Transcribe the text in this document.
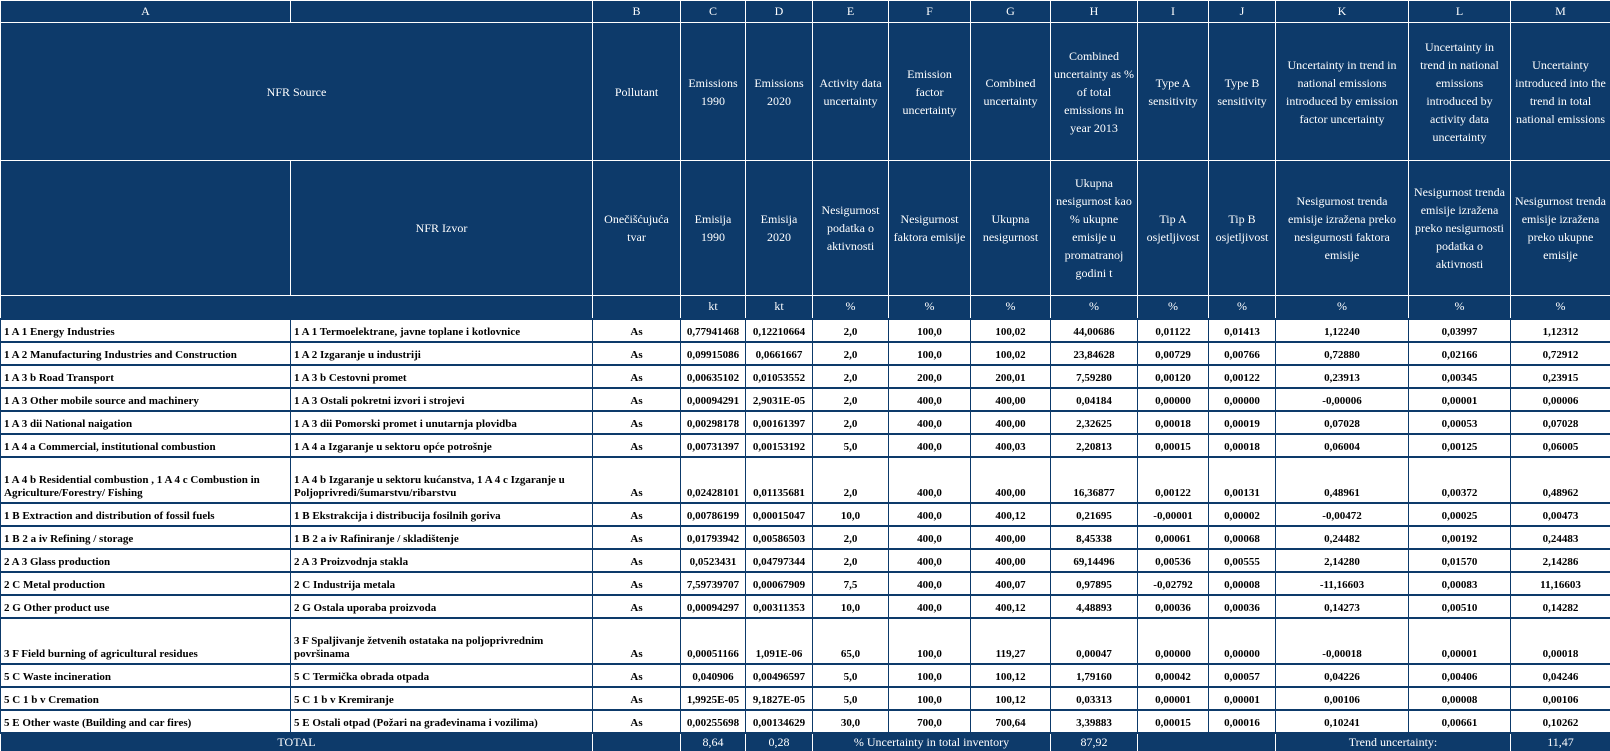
A		B	C	D	E	F	G	H	I	J	K	L	M
NFR Source		Pollutant	Emissions 1990	Emissions 2020	Activity data uncertainty	Emission factor uncertainty	Combined uncertainty	Combined uncertainty as % of total emissions in year 2013	Type A sensitivity	Type B sensitivity	Uncertainty in trend in national emissions introduced by emission factor uncertainty	Uncertainty in trend in national emissions introduced by activity data uncertainty	Uncertainty introduced into the trend in total national emissions
	NFR Izvor	Onečišćujuća tvar	Emisija 1990	Emisija 2020	Nesigurnost podatka o aktivnosti	Nesigurnost faktora emisije	Ukupna nesigurnost	Ukupna nesigurnost kao % ukupne emisije u promatranoj godini t	Tip A osjetljivost	Tip B osjetljivost	Nesigurnost trenda emisije izražena preko nesigurnosti faktora emisije	Nesigurnost trenda emisije izražena preko nesigurnosti podatka o aktivnosti	Nesigurnost trenda emisije izražena preko ukupne emisije
			kt	kt	%	%	%	%	%	%	%	%	%
1 A 1 Energy Industries	1 A 1 Termoelektrane, javne toplane i kotlovnice	As	0,77941468	0,12210664	2,0	100,0	100,02	44,00686	0,01122	0,01413	1,12240	0,03997	1,12312
1 A 2 Manufacturing Industries and Construction	1 A 2 Izgaranje u industriji	As	0,09915086	0,0661667	2,0	100,0	100,02	23,84628	0,00729	0,00766	0,72880	0,02166	0,72912
1 A 3 b Road Transport	1 A 3 b Cestovni promet	As	0,00635102	0,01053552	2,0	200,0	200,01	7,59280	0,00120	0,00122	0,23913	0,00345	0,23915
1 A 3 Other mobile source and machinery	1 A 3 Ostali pokretni izvori i strojevi	As	0,00094291	2,9031E-05	2,0	400,0	400,00	0,04184	0,00000	0,00000	-0,00006	0,00001	0,00006
1 A 3 dii National naigation	1 A 3 dii Pomorski promet i unutarnja plovidba	As	0,00298178	0,00161397	2,0	400,0	400,00	2,32625	0,00018	0,00019	0,07028	0,00053	0,07028
1 A 4 a Commercial, institutional combustion	1 A 4 a Izgaranje u sektoru opće potrošnje	As	0,00731397	0,00153192	5,0	400,0	400,03	2,20813	0,00015	0,00018	0,06004	0,00125	0,06005
1 A 4 b Residential combustion , 1 A 4 c Combustion in Agriculture/Forestry/ Fishing	1 A 4 b Izgaranje u sektoru kućanstva, 1 A 4 c Izgaranje u Poljoprivredi/šumarstvu/ribarstvu	As	0,02428101	0,01135681	2,0	400,0	400,00	16,36877	0,00122	0,00131	0,48961	0,00372	0,48962
1 B Extraction and distribution of fossil fuels	1 B Ekstrakcija i distribucija fosilnih goriva	As	0,00786199	0,00015047	10,0	400,0	400,12	0,21695	-0,00001	0,00002	-0,00472	0,00025	0,00473
1 B 2 a iv Refining / storage	1 B 2 a iv Rafiniranje / skladištenje	As	0,01793942	0,00586503	2,0	400,0	400,00	8,45338	0,00061	0,00068	0,24482	0,00192	0,24483
2 A 3 Glass production	2 A 3 Proizvodnja stakla	As	0,0523431	0,04797344	2,0	400,0	400,00	69,14496	0,00536	0,00555	2,14280	0,01570	2,14286
2 C Metal production	2 C Industrija metala	As	7,59739707	0,00067909	7,5	400,0	400,07	0,97895	-0,02792	0,00008	-11,16603	0,00083	11,16603
2 G Other product use	2 G Ostala uporaba proizvoda	As	0,00094297	0,00311353	10,0	400,0	400,12	4,48893	0,00036	0,00036	0,14273	0,00510	0,14282
3 F Field burning of agricultural residues	3 F Spaljivanje žetvenih ostataka na poljoprivrednim površinama	As	0,00051166	1,091E-06	65,0	100,0	119,27	0,00047	0,00000	0,00000	-0,00018	0,00001	0,00018
5 C Waste incineration	5 C Termička obrada otpada	As	0,040906	0,00496597	5,0	100,0	100,12	1,79160	0,00042	0,00057	0,04226	0,00406	0,04246
5 C 1 b v Cremation	5 C 1 b v Kremiranje	As	1,9925E-05	9,1827E-05	5,0	100,0	100,12	0,03313	0,00001	0,00001	0,00106	0,00008	0,00106
5 E Other waste (Building and car fires)	5 E Ostali otpad (Požari na građevinama i vozilima)	As	0,00255698	0,00134629	30,0	700,0	700,64	3,39883	0,00015	0,00016	0,10241	0,00661	0,10262
TOTAL			8,64	0,28	% Uncertainty in total inventory			87,92			Trend uncertainty:		11,47
